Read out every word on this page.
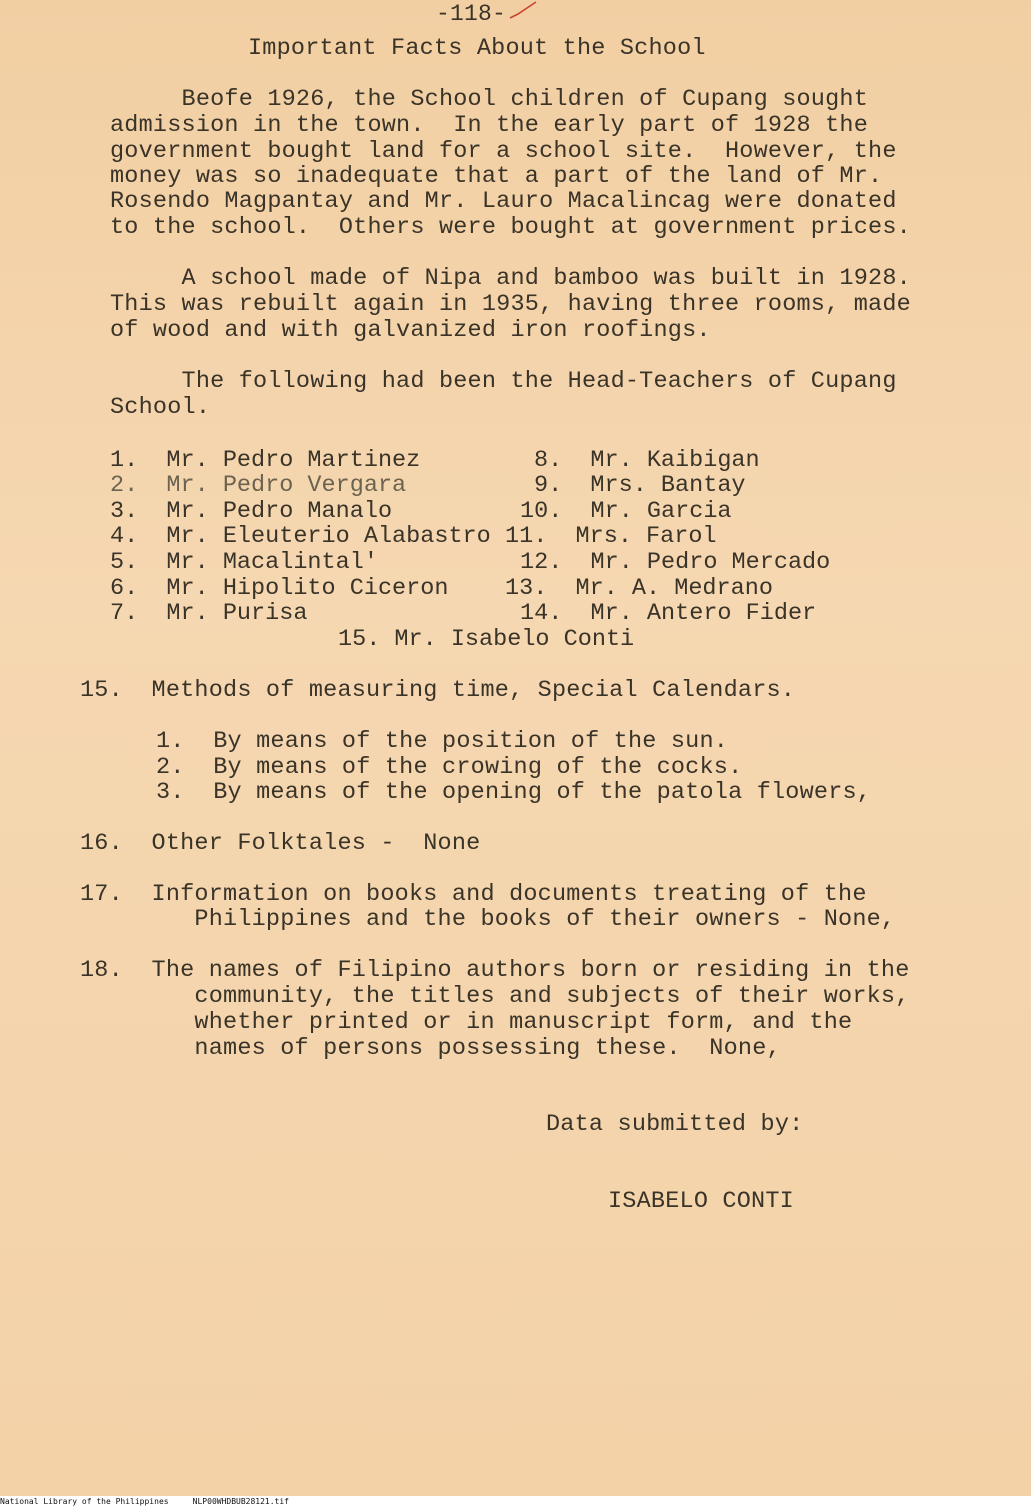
-118-
Important Facts About the School
Beofe 1926, the School children of Cupang sought
admission in the town.  In the early part of 1928 the
government bought land for a school site.  However, the
money was so inadequate that a part of the land of Mr.
Rosendo Magpantay and Mr. Lauro Macalincag were donated
to the school.  Others were bought at government prices.
A school made of Nipa and bamboo was built in 1928.
This was rebuilt again in 1935, having three rooms, made
of wood and with galvanized iron roofings.
The following had been the Head-Teachers of Cupang
School.
1.  Mr. Pedro Martinez
2.  Mr. Pedro Vergara
3.  Mr. Pedro Manalo
4.  Mr. Eleuterio Alabastro
5.  Mr. Macalintal'
6.  Mr. Hipolito Ciceron
7.  Mr. Purisa
8.  Mr. Kaibigan
9.  Mrs. Bantay
10.  Mr. Garcia
11.  Mrs. Farol
12.  Mr. Pedro Mercado
13.  Mr. A. Medrano
14.  Mr. Antero Fider
15. Mr. Isabelo Conti
15.  Methods of measuring time, Special Calendars.
1.  By means of the position of the sun.
2.  By means of the crowing of the cocks.
3.  By means of the opening of the patola flowers,
16.  Other Folktales -  None
17.  Information on books and documents treating of the
Philippines and the books of their owners - None,
18.  The names of Filipino authors born or residing in the
community, the titles and subjects of their works,
whether printed or in manuscript form, and the
names of persons possessing these.  None,
Data submitted by:
ISABELO CONTI
National Library of the Philippines	NLP00WHDBUB28121.tif
